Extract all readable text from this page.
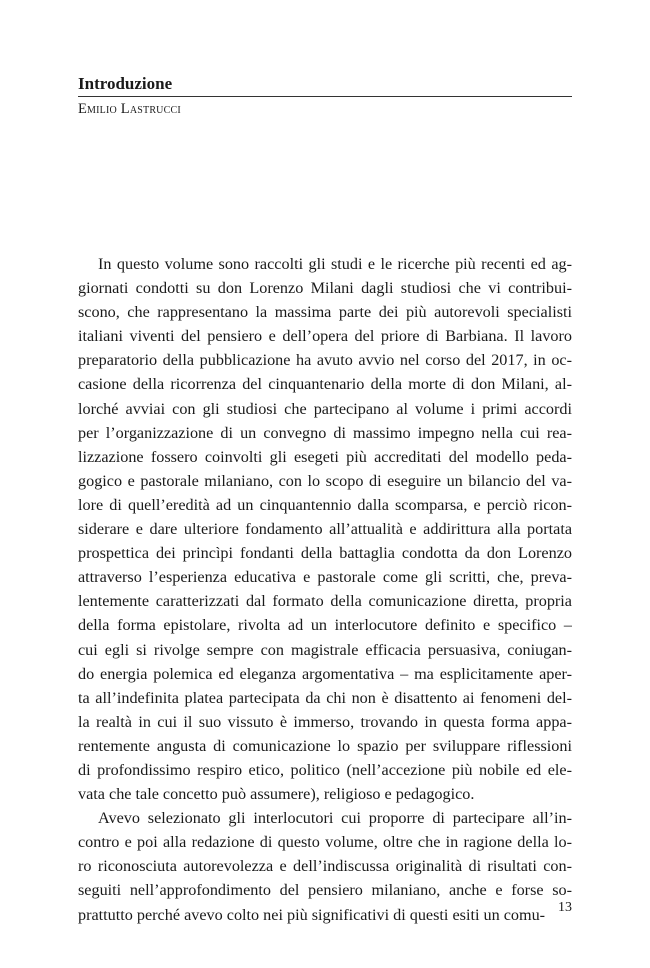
Introduzione
Emilio Lastrucci
In questo volume sono raccolti gli studi e le ricerche più recenti ed ag-
giornati condotti su don Lorenzo Milani dagli studiosi che vi contribui-
scono, che rappresentano la massima parte dei più autorevoli specialisti
italiani viventi del pensiero e dell’opera del priore di Barbiana. Il lavoro
preparatorio della pubblicazione ha avuto avvio nel corso del 2017, in oc-
casione della ricorrenza del cinquantenario della morte di don Milani, al-
lorché avviai con gli studiosi che partecipano al volume i primi accordi
per l’organizzazione di un convegno di massimo impegno nella cui rea-
lizzazione fossero coinvolti gli esegeti più accreditati del modello peda-
gogico e pastorale milaniano, con lo scopo di eseguire un bilancio del va-
lore di quell’eredità ad un cinquantennio dalla scomparsa, e perciò ricon-
siderare e dare ulteriore fondamento all’attualità e addirittura alla portata
prospettica dei princìpi fondanti della battaglia condotta da don Lorenzo
attraverso l’esperienza educativa e pastorale come gli scritti, che, preva-
lentemente caratterizzati dal formato della comunicazione diretta, propria
della forma epistolare, rivolta ad un interlocutore definito e specifico –
cui egli si rivolge sempre con magistrale efficacia persuasiva, coniugan-
do energia polemica ed eleganza argomentativa – ma esplicitamente aper-
ta all’indefinita platea partecipata da chi non è disattento ai fenomeni del-
la realtà in cui il suo vissuto è immerso, trovando in questa forma appa-
rentemente angusta di comunicazione lo spazio per sviluppare riflessioni
di profondissimo respiro etico, politico (nell’accezione più nobile ed ele-
vata che tale concetto può assumere), religioso e pedagogico.
Avevo selezionato gli interlocutori cui proporre di partecipare all’in-
contro e poi alla redazione di questo volume, oltre che in ragione della lo-
ro riconosciuta autorevolezza e dell’indiscussa originalità di risultati con-
seguiti nell’approfondimento del pensiero milaniano, anche e forse so-
prattutto perché avevo colto nei più significativi di questi esiti un comu- 13
